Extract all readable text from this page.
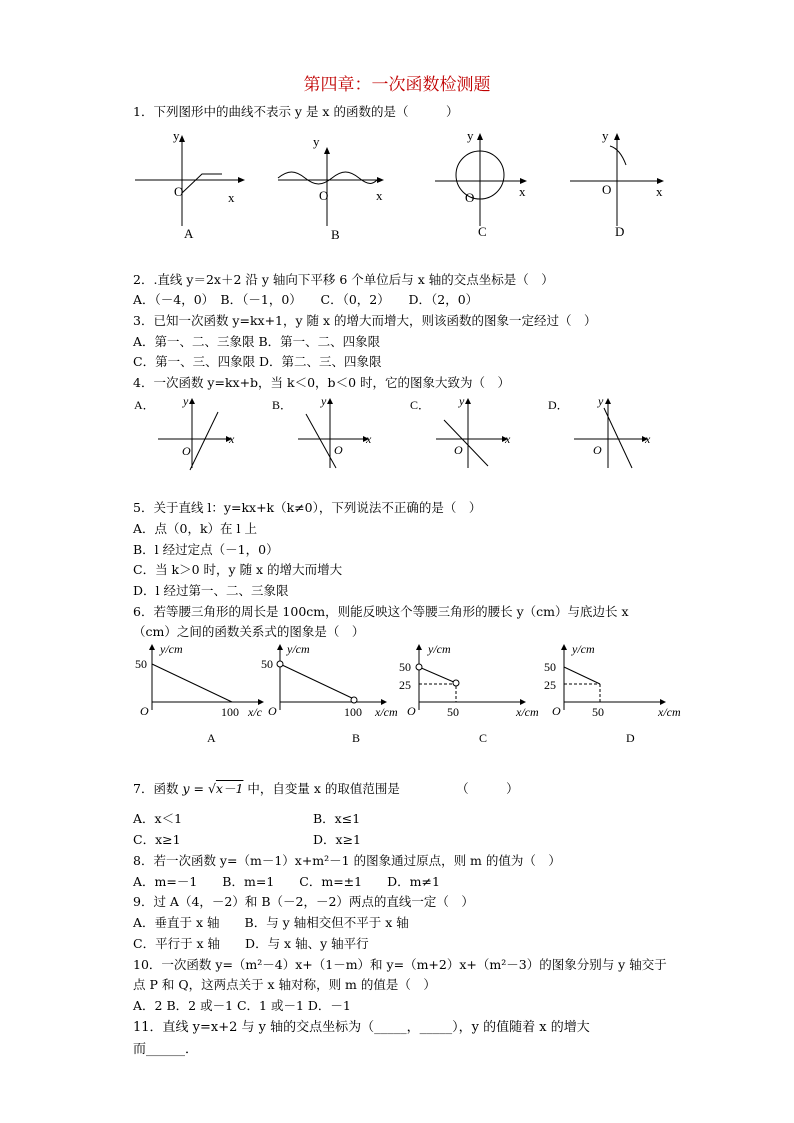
第四章：一次函数检测题
1．下列图形中的曲线不表示 y 是 x 的函数的是（　　　）
y
O	x
A
y
O	x
B
y
O	x
C
y
O	x
D
2．.直线 y＝2x＋2 沿 y 轴向下平移 6 个单位后与 x 轴的交点坐标是（　）
A．（－4，0）　B．（－1，0）　　C．（0，2）　　D．（2，0）
3．已知一次函数 y=kx+1，y 随 x 的增大而增大，则该函数的图象一定经过（　）
A．第一、二、三象限 B．第一、二、四象限
C．第一、三、四象限 D．第二、三、四象限
4．一次函数 y=kx+b，当 k＜0，b＜0 时，它的图象大致为（　）
A． y
O
x
B． y
O
x
C． y
O
x
D． y
O
x
5．关于直线 l：y=kx+k（k≠0），下列说法不正确的是（　）
A．点（0，k）在 l 上
B．l 经过定点（－1，0）
C．当 k＞0 时，y 随 x 的增大而增大
D．l 经过第一、二、三象限
6．若等腰三角形的周长是 100cm，则能反映这个等腰三角形的腰长 y（cm）与底边长 x
（cm）之间的函数关系式的图象是（　）
y/cm
50
O	100 x/c
A
y/cm
50
O	100 x/cm
B
y/cm
50
25
O	50	x/cm
C
y/cm
50
25
O	50	x/cm
D
7．函数 y = √x－1 中，自变量 x 的取值范围是　　　　　（　　　）
A．x＜1	B．x≤1
C．x≥1	D．x≥1
8．若一次函数 y=（m－1）x+m²－1 的图象通过原点，则 m 的值为（　）
A．m=－1　　B．m=1　　C．m=±1　　D．m≠1
9．过 A（4，－2）和 B（－2，－2）两点的直线一定（　）
A．垂直于 x 轴　　B．与 y 轴相交但不平于 x 轴
C．平行于 x 轴　　D．与 x 轴、y 轴平行
10．一次函数 y=（m²－4）x+（1－m）和 y=（m+2）x+（m²－3）的图象分别与 y 轴交于
点 P 和 Q，这两点关于 x 轴对称，则 m 的值是（　）
A．2 B．2 或－1 C．1 或－1 D．－1
11．直线 y=x+2 与 y 轴的交点坐标为（_____，_____），y 的值随着 x 的增大
而______．
